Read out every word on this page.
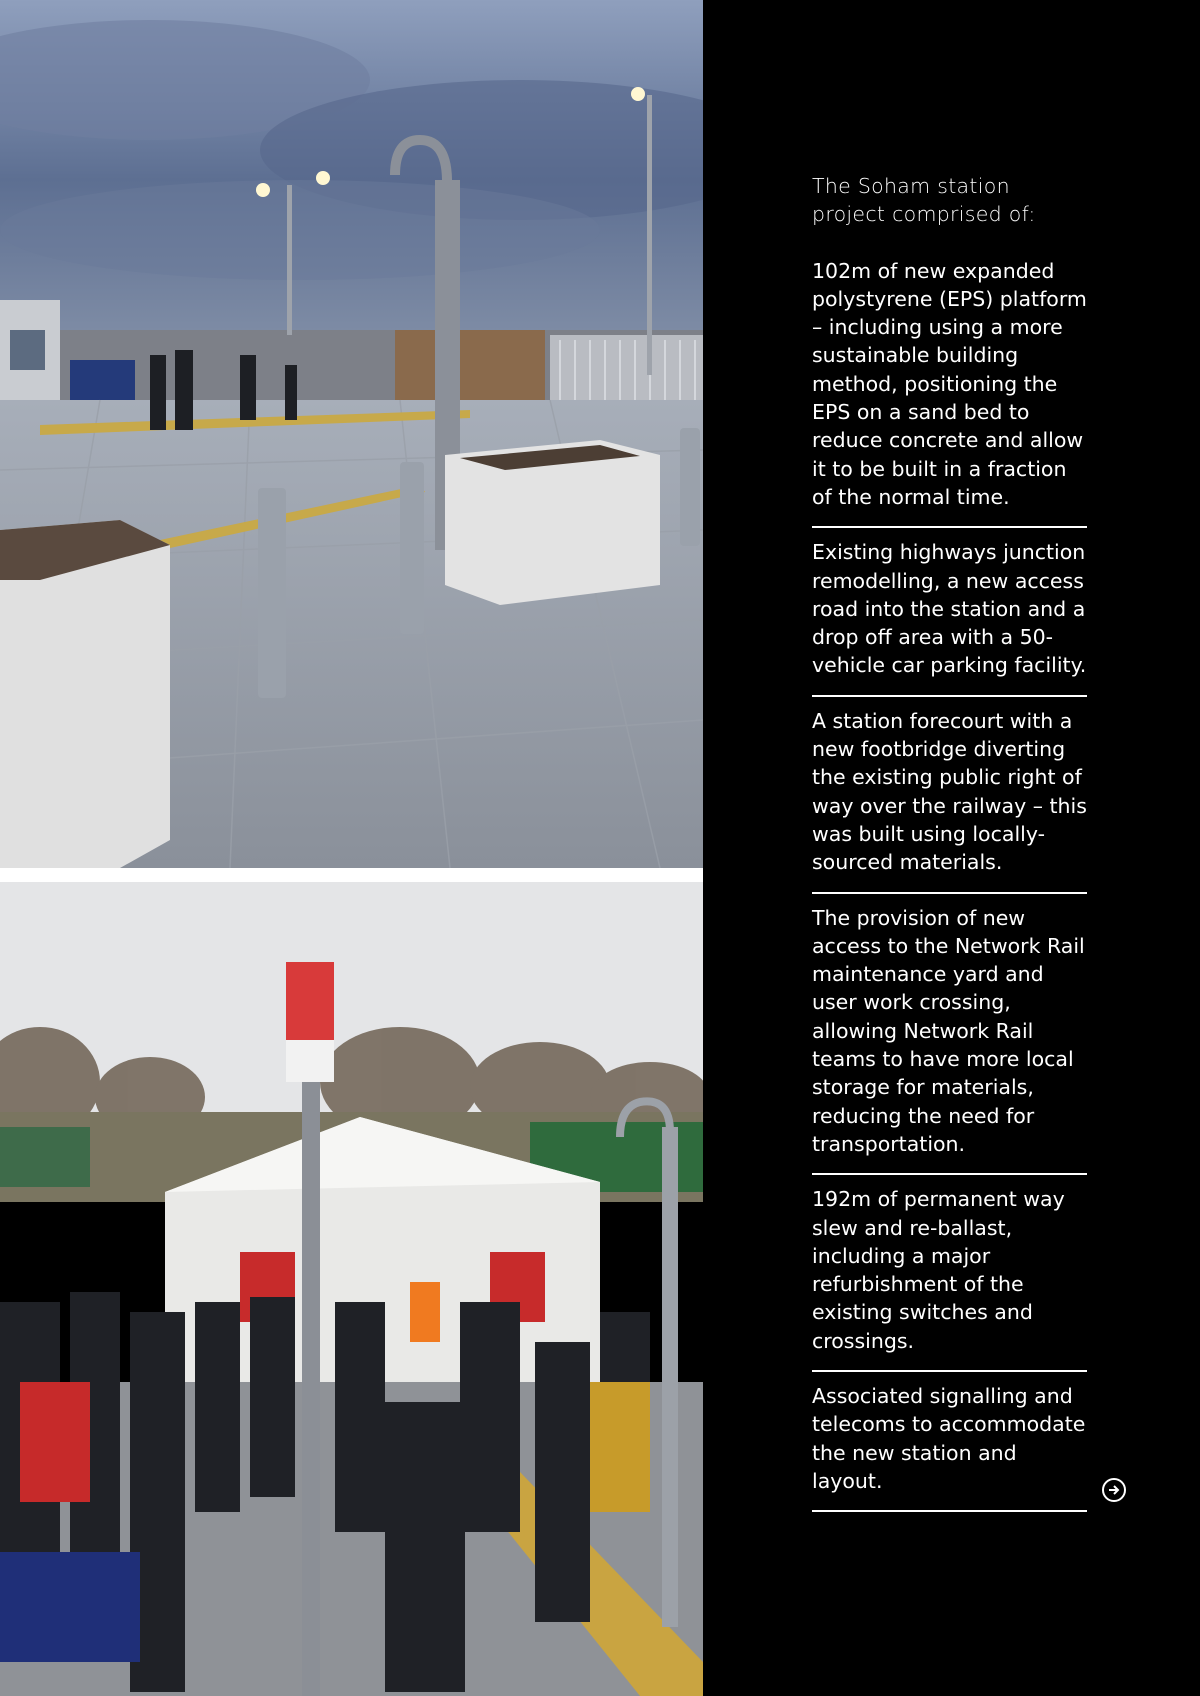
The Soham station project comprised of:

102m of new expanded polystyrene (EPS) platform – including using a more sustainable building method, positioning the EPS on a sand bed to reduce concrete and allow it to be built in a fraction of the normal time.

Existing highways junction remodelling, a new access road into the station and a drop off area with a 50-vehicle car parking facility.

A station forecourt with a new footbridge diverting the existing public right of way over the railway – this was built using locally-sourced materials.

The provision of new access to the Network Rail maintenance yard and user work crossing, allowing Network Rail teams to have more local storage for materials, reducing the need for transportation.

192m of permanent way slew and re-ballast, including a major refurbishment of the existing switches and crossings.

Associated signalling and telecoms to accommodate the new station and layout.
